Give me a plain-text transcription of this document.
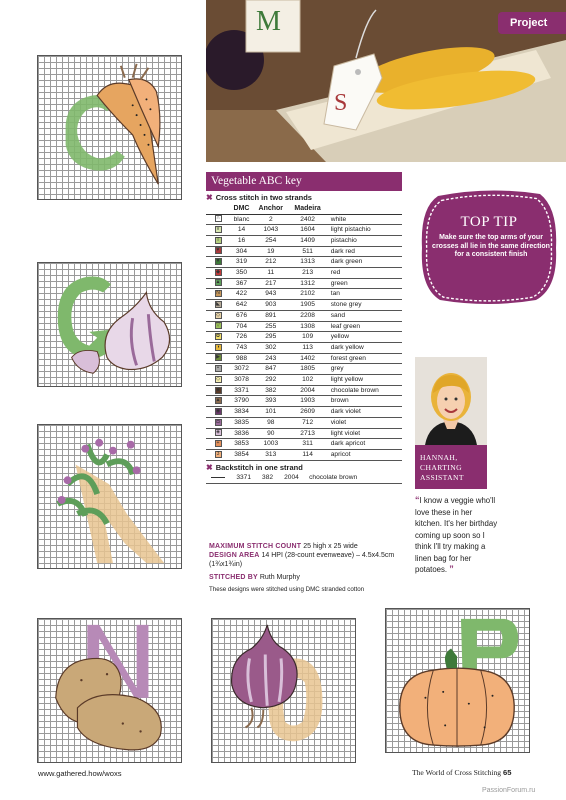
M
S
Project
Vegetable ABC key
✖ Cross stitch in two strands
	DMC	Anchor	Madeira	
∩	blanc	2	2402	white
v	14	1043	1604	light pistachio
T	16	254	1409	pistachio
♥	304	19	511	dark red
▼	319	212	1313	dark green
◆	350	11	213	red
▲	367	217	1312	green
N	422	943	2102	tan
◣	642	903	1905	stone grey
◇	676	891	2208	sand
▽	704	255	1308	leaf green
✿	726	295	109	yellow
◑	743	302	113	dark yellow
▶	988	243	1402	forest green
•	3072	847	1805	grey
◇	3078	292	102	light yellow
■	3371	382	2004	chocolate brown
▲	3790	393	1903	brown
◉	3834	101	2609	dark violet
◘	3835	98	712	violet
◈	3836	90	2713	light violet
+	3853	1003	311	dark apricot
3	3854	313	114	apricot
✖ Backstitch in one strand
	3371	382	2004	chocolate brown
MAXIMUM STITCH COUNT 25 high x 25 wide
DESIGN AREA 14 HPI (28-count evenweave) – 4.5x4.5cm (1¾x1¾in)
STITCHED BY Ruth Murphy
These designs were stitched using DMC stranded cotton
TOP TIP
Make sure the top arms of your crosses all lie in the same direction for a consistent finish
HANNAH,
CHARTING
ASSISTANT
“I know a veggie who'll love these in her kitchen. It's her birthday coming up soon so I think I'll try making a linen bag for her potatoes. ”
www.gathered.how/woxs	The World of Cross Stitching 65
PassionForum.ru
